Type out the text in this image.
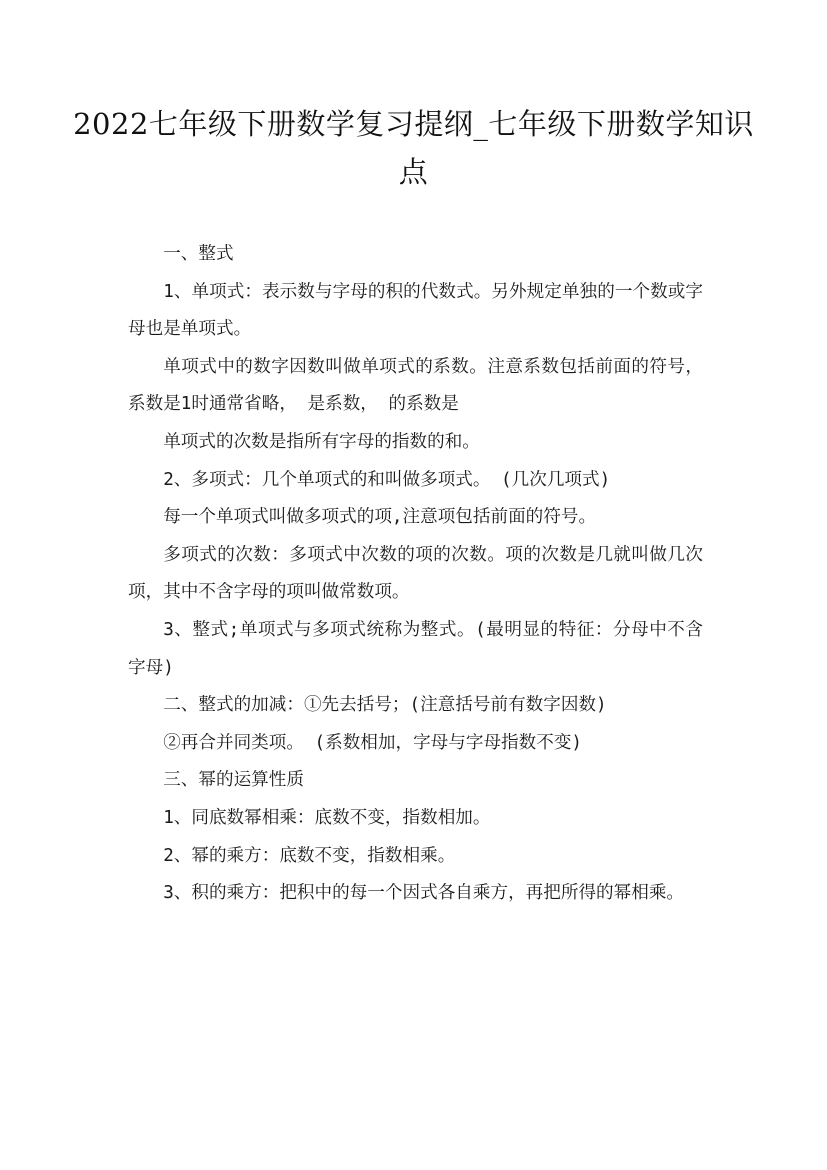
2022七年级下册数学复习提纲_七年级下册数学知识点

一、整式

1、单项式：表示数与字母的积的代数式。另外规定单独的一个数或字母也是单项式。

单项式中的数字因数叫做单项式的系数。注意系数包括前面的符号，系数是1时通常省略， 是系数， 的系数是

单项式的次数是指所有字母的指数的和。

2、多项式：几个单项式的和叫做多项式。 (几次几项式)

每一个单项式叫做多项式的项,注意项包括前面的符号。

多项式的次数：多项式中次数的项的次数。项的次数是几就叫做几次项，其中不含字母的项叫做常数项。

3、整式;单项式与多项式统称为整式。(最明显的特征：分母中不含字母)

二、整式的加减：①先去括号；(注意括号前有数字因数)

②再合并同类项。 (系数相加，字母与字母指数不变)

三、幂的运算性质

1、同底数幂相乘：底数不变，指数相加。

2、幂的乘方：底数不变，指数相乘。

3、积的乘方：把积中的每一个因式各自乘方，再把所得的幂相乘。
